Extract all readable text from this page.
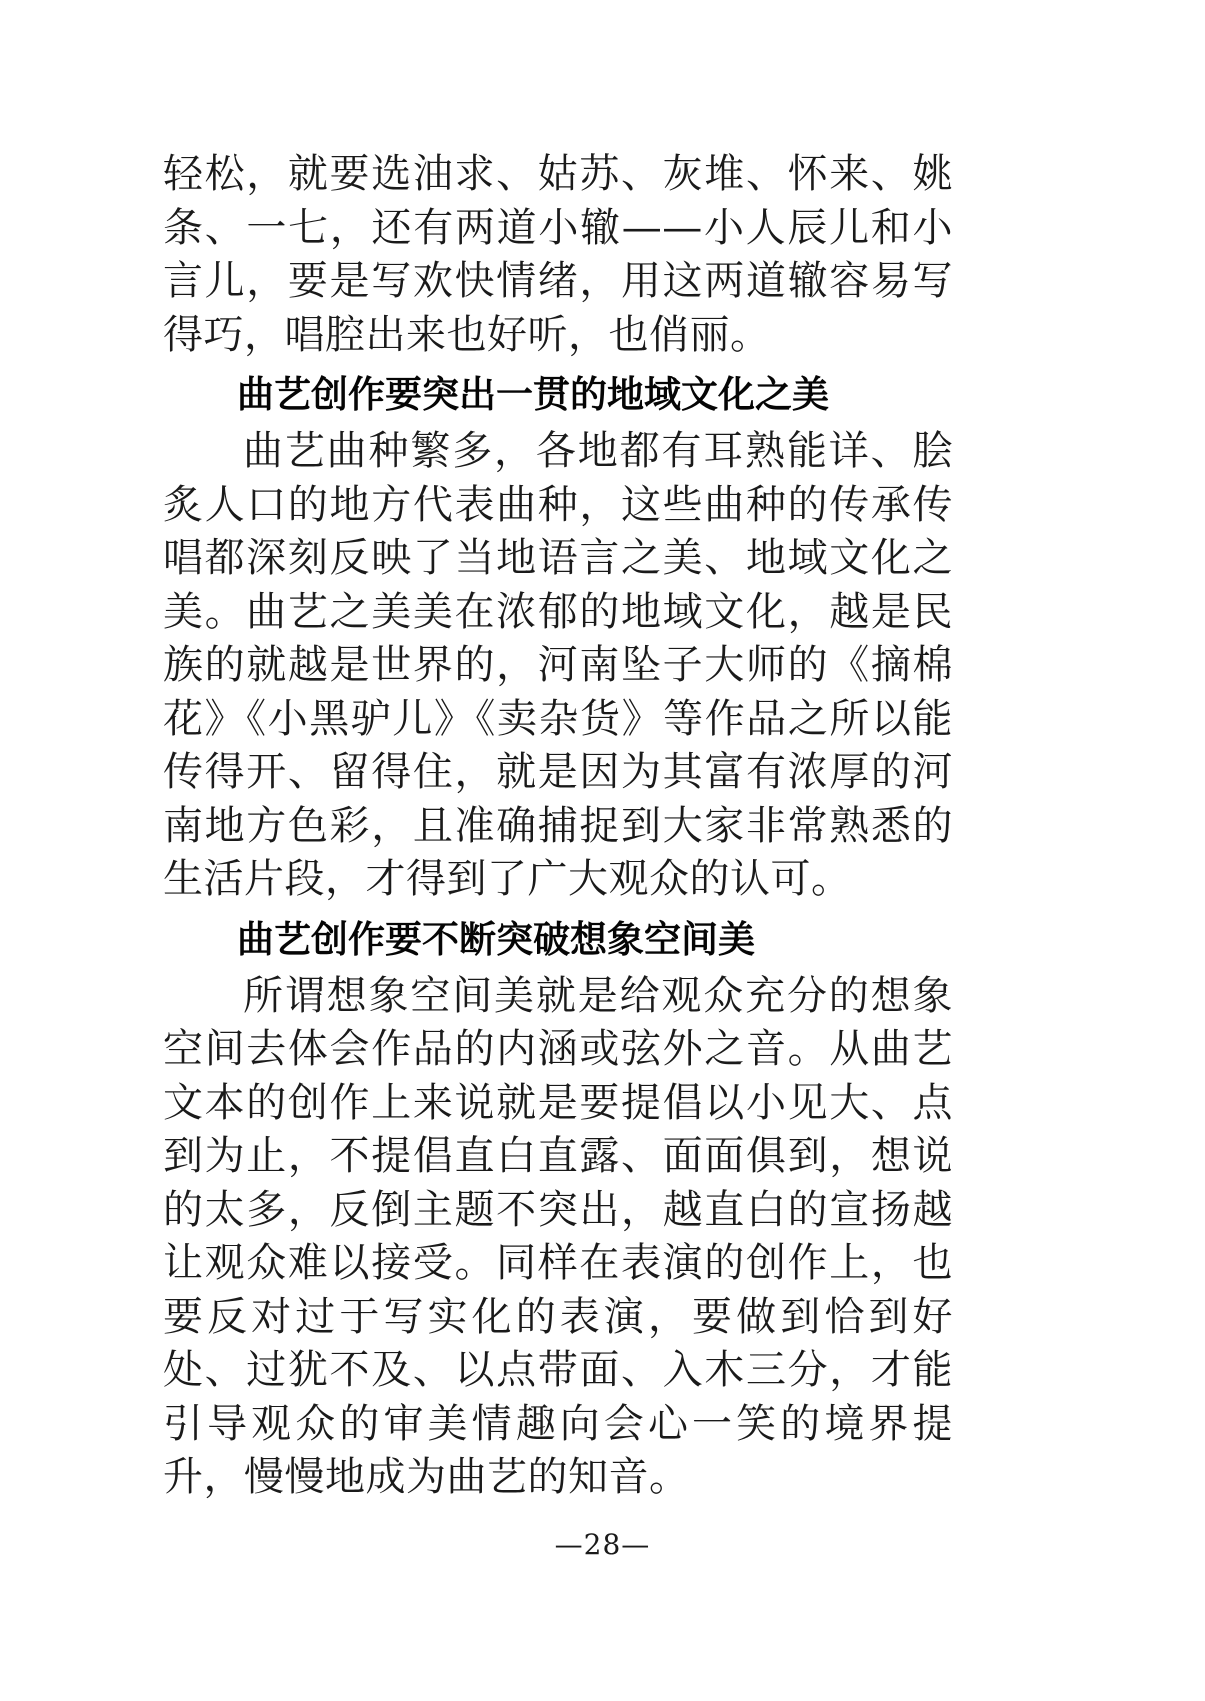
轻松，就要选油求、姑苏、灰堆、怀来、姚条、一七，还有两道小辙——小人辰儿和小言儿，要是写欢快情绪，用这两道辙容易写得巧，唱腔出来也好听，也俏丽。

曲艺创作要突出一贯的地域文化之美

曲艺曲种繁多，各地都有耳熟能详、脍炙人口的地方代表曲种，这些曲种的传承传唱都深刻反映了当地语言之美、地域文化之美。曲艺之美美在浓郁的地域文化，越是民族的就越是世界的，河南坠子大师的《摘棉花》《小黑驴儿》《卖杂货》等作品之所以能传得开、留得住，就是因为其富有浓厚的河南地方色彩，且准确捕捉到大家非常熟悉的生活片段，才得到了广大观众的认可。

曲艺创作要不断突破想象空间美

所谓想象空间美就是给观众充分的想象空间去体会作品的内涵或弦外之音。从曲艺文本的创作上来说就是要提倡以小见大、点到为止，不提倡直白直露、面面俱到，想说的太多，反倒主题不突出，越直白的宣扬越让观众难以接受。同样在表演的创作上，也要反对过于写实化的表演，要做到恰到好处、过犹不及、以点带面、入木三分，才能引导观众的审美情趣向会心一笑的境界提升，慢慢地成为曲艺的知音。

—28—
